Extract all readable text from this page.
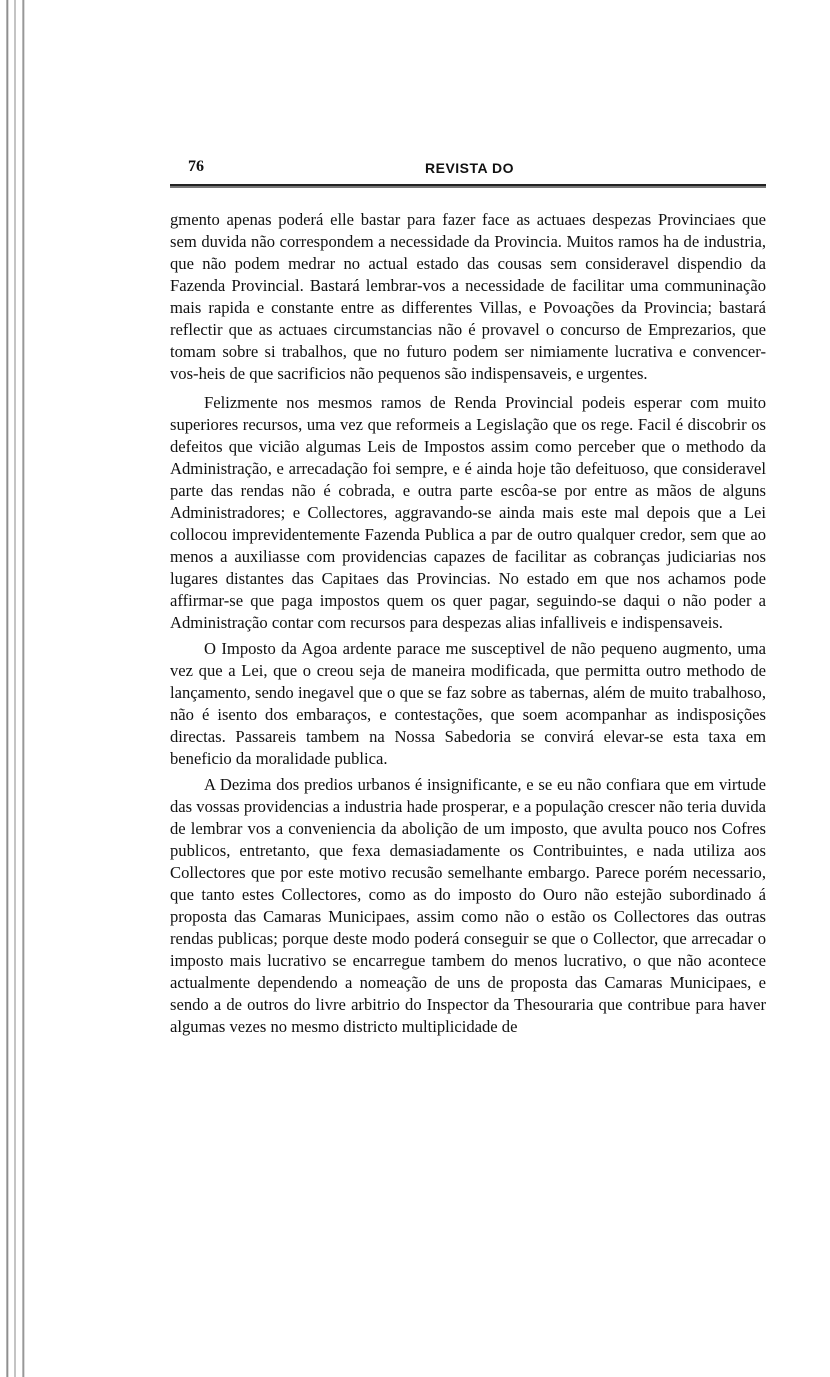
76	REVISTA DO

gmento apenas poderá elle bastar para fazer face as actuaes despezas Provinciaes que sem duvida não correspondem a necessidade da Provincia. Muitos ramos ha de industria, que não podem medrar no actual estado das cousas sem consideravel dispendio da Fazenda Provincial. Bastará lembrar-vos a necessidade de facilitar uma communinação mais rapida e constante entre as differentes Villas, e Povoações da Provincia; bastará reflectir que as actuaes circumstancias não é provavel o concurso de Emprezarios, que tomam sobre si trabalhos, que no futuro podem ser nimiamente lucrativa e convencer-vos-heis de que sacrificios não pequenos são indispensaveis, e urgentes.

Felizmente nos mesmos ramos de Renda Provincial podeis esperar com muito superiores recursos, uma vez que reformeis a Legislação que os rege. Facil é discobrir os defeitos que vicião algumas Leis de Impostos assim como perceber que o methodo da Administração, e arrecadação foi sempre, e é ainda hoje tão defeituoso, que consideravel parte das rendas não é cobrada, e outra parte escôa-se por entre as mãos de alguns Administradores; e Collectores, aggravando-se ainda mais este mal depois que a Lei collocou imprevidentemente Fazenda Publica a par de outro qualquer credor, sem que ao menos a auxiliasse com providencias capazes de facilitar as cobranças judiciarias nos lugares distantes das Capitaes das Provincias. No estado em que nos achamos pode affirmar-se que paga impostos quem os quer pagar, seguindo-se daqui o não poder a Administração contar com recursos para despezas alias infalliveis e indispensaveis.

O Imposto da Agoa ardente parace me susceptivel de não pequeno augmento, uma vez que a Lei, que o creou seja de maneira modificada, que permitta outro methodo de lançamento, sendo inegavel que o que se faz sobre as tabernas, além de muito trabalhoso, não é isento dos embaraços, e contestações, que soem acompanhar as indisposições directas. Passareis tambem na Nossa Sabedoria se convirá elevar-se esta taxa em beneficio da moralidade publica.

A Dezima dos predios urbanos é insignificante, e se eu não confiara que em virtude das vossas providencias a industria hade prosperar, e a população crescer não teria duvida de lembrar vos a conveniencia da abolição de um imposto, que avulta pouco nos Cofres publicos, entretanto, que fexa demasiadamente os Contribuintes, e nada utiliza aos Collectores que por este motivo recusão semelhante embargo. Parece porém necessario, que tanto estes Collectores, como as do imposto do Ouro não estejão subordinado á proposta das Camaras Municipaes, assim como não o estão os Collectores das outras rendas publicas; porque deste modo poderá conseguir se que o Collector, que arrecadar o imposto mais lucrativo se encarregue tambem do menos lucrativo, o que não acontece actualmente dependendo a nomeação de uns de proposta das Camaras Municipaes, e sendo a de outros do livre arbitrio do Inspector da Thesouraria que contribue para haver algumas vezes no mesmo districto multiplicidade de
